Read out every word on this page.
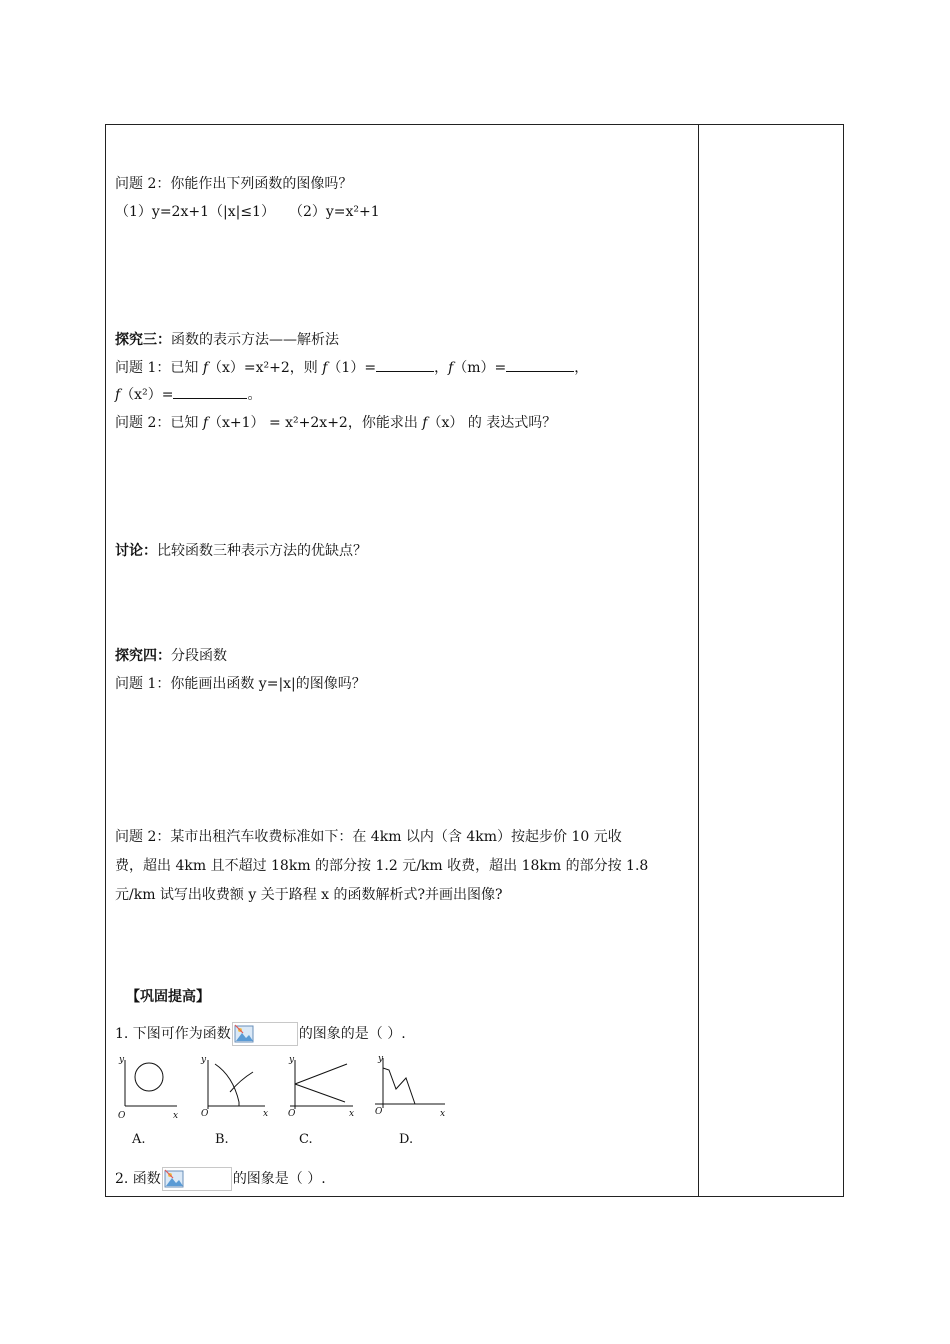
问题 2：你能作出下列函数的图像吗？
（1）y=2x+1（|x|≤1）　　（2）y=x²+1
探究三：函数的表示方法——解析法
问题 1：已知 f（x）=x²+2，则 f（1）=	，f（m）=	，
f（x²）=	。
问题 2：已知 f（x+1） = x²+2x+2，你能求出 f（x） 的 表达式吗？
讨论：比较函数三种表示方法的优缺点？
探究四：分段函数
问题 1：你能画出函数 y=|x|的图像吗？
问题 2：某市出租汽车收费标准如下：在 4km 以内（含 4km）按起步价 10 元收
费，超出 4km 且不超过 18km 的部分按 1.2 元/km 收费，超出 18km 的部分按 1.8
元/km 试写出收费额 y 关于路程 x 的函数解析式?并画出图像?
【巩固提高】
1. 下图可作为函数	的图象的是（ ）.
y
O	x
y
O	x
y
O	x
y
O	x
A.	B.	C.	D.
2. 函数	的图象是（ ）.
